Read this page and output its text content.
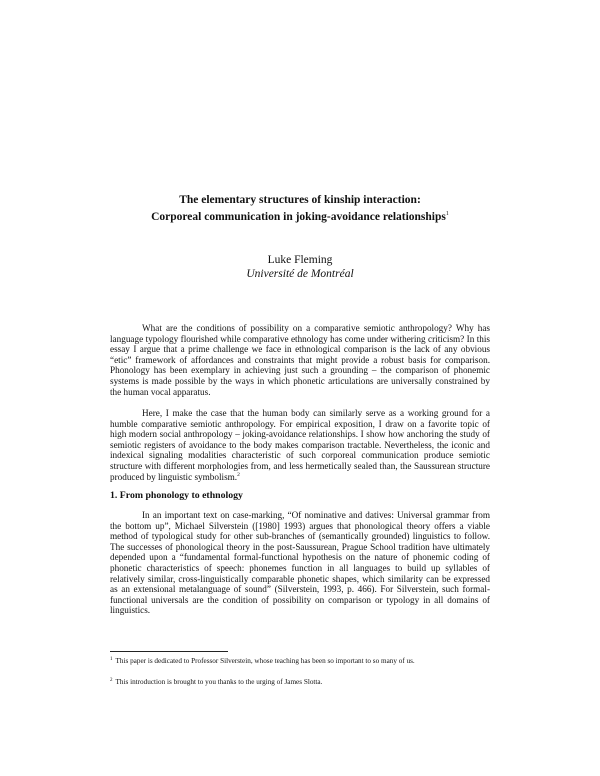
The elementary structures of kinship interaction:
Corporeal communication in joking-avoidance relationships$^1$
Luke Fleming
Université de Montréal

What are the conditions of possibility on a comparative semiotic anthropology? Why has language typology flourished while comparative ethnology has come under withering criticism? In this essay I argue that a prime challenge we face in ethnological comparison is the lack of any obvious “etic” framework of affordances and constraints that might provide a robust basis for comparison. Phonology has been exemplary in achieving just such a grounding – the comparison of phonemic systems is made possible by the ways in which phonetic articulations are universally constrained by the human vocal apparatus.

Here, I make the case that the human body can similarly serve as a working ground for a humble comparative semiotic anthropology. For empirical exposition, I draw on a favorite topic of high modern social anthropology – joking-avoidance relationships. I show how anchoring the study of semiotic registers of avoidance to the body makes comparison tractable. Nevertheless, the iconic and indexical signaling modalities characteristic of such corporeal communication produce semiotic structure with different morphologies from, and less hermetically sealed than, the Saussurean structure produced by linguistic symbolism.$^2$

1. From phonology to ethnology

In an important text on case-marking, “Of nominative and datives: Universal grammar from the bottom up”, Michael Silverstein ([1980] 1993) argues that phonological theory offers a viable method of typological study for other sub-branches of (semantically grounded) linguistics to follow. The successes of phonological theory in the post-Saussurean, Prague School tradition have ultimately depended upon a “fundamental formal-functional hypothesis on the nature of phonemic coding of phonetic characteristics of speech: phonemes function in all languages to build up syllables of relatively similar, cross-linguistically comparable phonetic shapes, which similarity can be expressed as an extensional metalanguage of sound” (Silverstein, 1993, p. 466). For Silverstein, such formal-functional universals are the condition of possibility on comparison or typology in all domains of linguistics.

$^1$ This paper is dedicated to Professor Silverstein, whose teaching has been so important to so many of us.
$^2$ This introduction is brought to you thanks to the urging of James Slotta.
